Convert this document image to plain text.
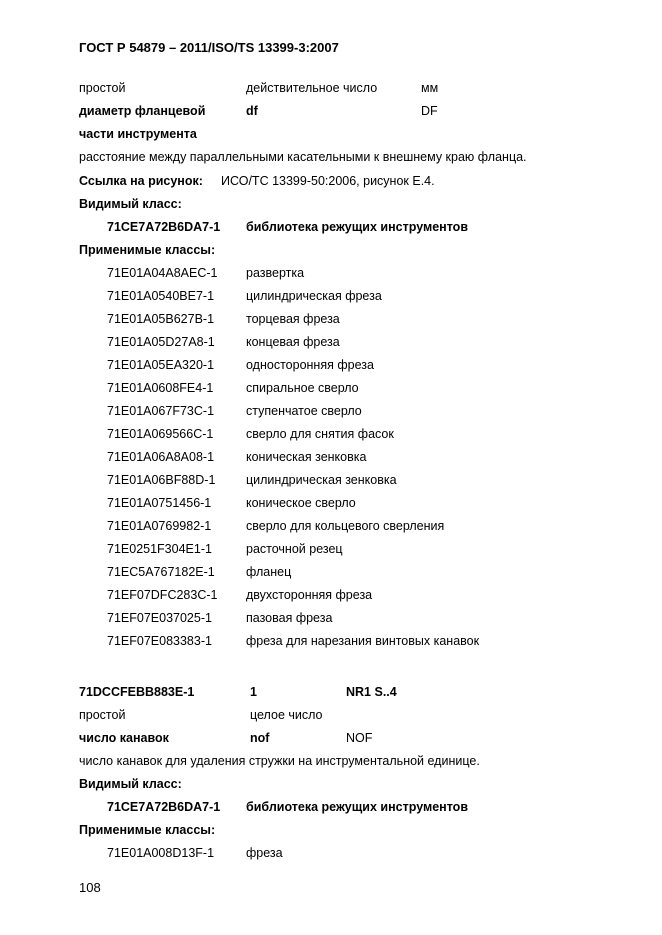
ГОСТ Р 54879 – 2011/ISO/TS 13399-3:2007
простой	действительное число	мм
диаметр фланцевой	df	DF
части инструмента
расстояние между параллельными касательными к внешнему краю фланца.
Ссылка на рисунок: ИСО/ТС 13399-50:2006, рисунок Е.4.
Видимый класс:
71CE7A72B6DA7-1 библиотека режущих инструментов
Применимые классы:
71E01A04A8AEC-1 развертка
71E01A0540BE7-1	цилиндрическая фреза
71E01A05B627B-1	торцевая фреза
71E01A05D27A8-1	концевая фреза
71E01A05EA320-1	односторонняя фреза
71E01A0608FE4-1	спиральное сверло
71E01A067F73C-1	ступенчатое сверло
71E01A069566C-1	сверло для снятия фасок
71E01A06A8A08-1	коническая зенковка
71E01A06BF88D-1 цилиндрическая зенковка
71E01A0751456-1	коническое сверло
71E01A0769982-1	сверло для кольцевого сверления
71E0251F304E1-1	расточной резец
71EC5A767182E-1	фланец
71EF07DFC283C-1 двухсторонняя фреза
71EF07E037025-1	пазовая фреза
71EF07E083383-1	фреза для нарезания винтовых канавок
71DCCFEBB883E-1	1	NR1 S..4
простой	целое число
число канавок	nof	NOF
число канавок для удаления стружки на инструментальной единице.
Видимый класс:
71CE7A72B6DA7-1 библиотека режущих инструментов
Применимые классы:
71E01A008D13F-1	фреза
108
